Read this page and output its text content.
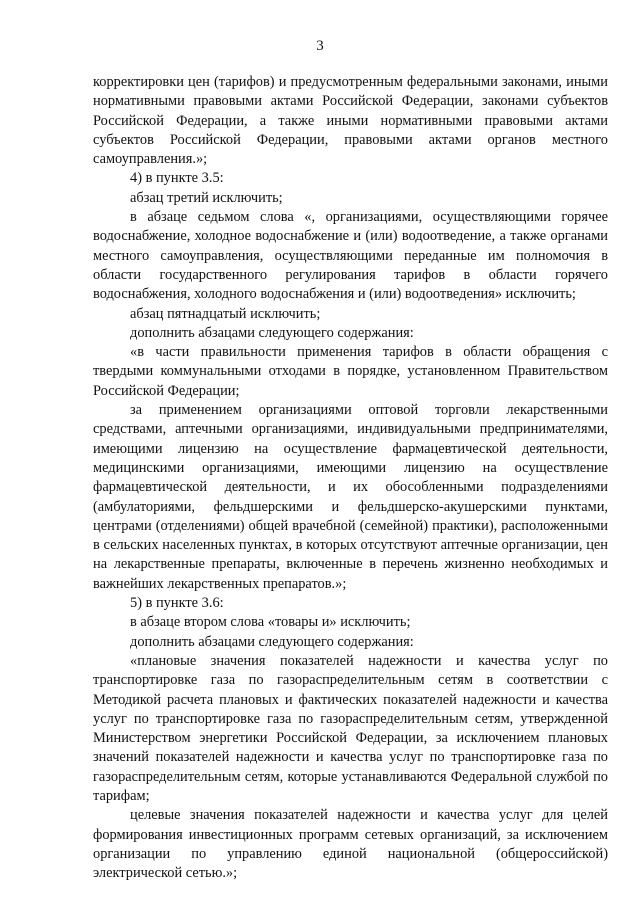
3

корректировки цен (тарифов) и предусмотренным федеральными законами, иными нормативными правовыми актами Российской Федерации, законами субъектов Российской Федерации, а также иными нормативными правовыми актами субъектов Российской Федерации, правовыми актами органов местного самоуправления.»;

4) в пункте 3.5:

абзац третий исключить;

в абзаце седьмом слова «, организациями, осуществляющими горячее водоснабжение, холодное водоснабжение и (или) водоотведение, а также органами местного самоуправления, осуществляющими переданные им полномочия в области государственного регулирования тарифов в области горячего водоснабжения, холодного водоснабжения и (или) водоотведения» исключить;

абзац пятнадцатый исключить;

дополнить абзацами следующего содержания:

«в части правильности применения тарифов в области обращения с твердыми коммунальными отходами в порядке, установленном Правительством Российской Федерации;

за применением организациями оптовой торговли лекарственными средствами, аптечными организациями, индивидуальными предпринимателями, имеющими лицензию на осуществление фармацевтической деятельности, медицинскими организациями, имеющими лицензию на осуществление фармацевтической деятельности, и их обособленными подразделениями (амбулаториями, фельдшерскими и фельдшерско-акушерскими пунктами, центрами (отделениями) общей врачебной (семейной) практики), расположенными в сельских населенных пунктах, в которых отсутствуют аптечные организации, цен на лекарственные препараты, включенные в перечень жизненно необходимых и важнейших лекарственных препаратов.»;

5) в пункте 3.6:

в абзаце втором слова «товары и» исключить;

дополнить абзацами следующего содержания:

«плановые значения показателей надежности и качества услуг по транспортировке газа по газораспределительным сетям в соответствии с Методикой расчета плановых и фактических показателей надежности и качества услуг по транспортировке газа по газораспределительным сетям, утвержденной Министерством энергетики Российской Федерации, за исключением плановых значений показателей надежности и качества услуг по транспортировке газа по газораспределительным сетям, которые устанавливаются Федеральной службой по тарифам;

целевые значения показателей надежности и качества услуг для целей формирования инвестиционных программ сетевых организаций, за исключением организации по управлению единой национальной (общероссийской) электрической сетью.»;
